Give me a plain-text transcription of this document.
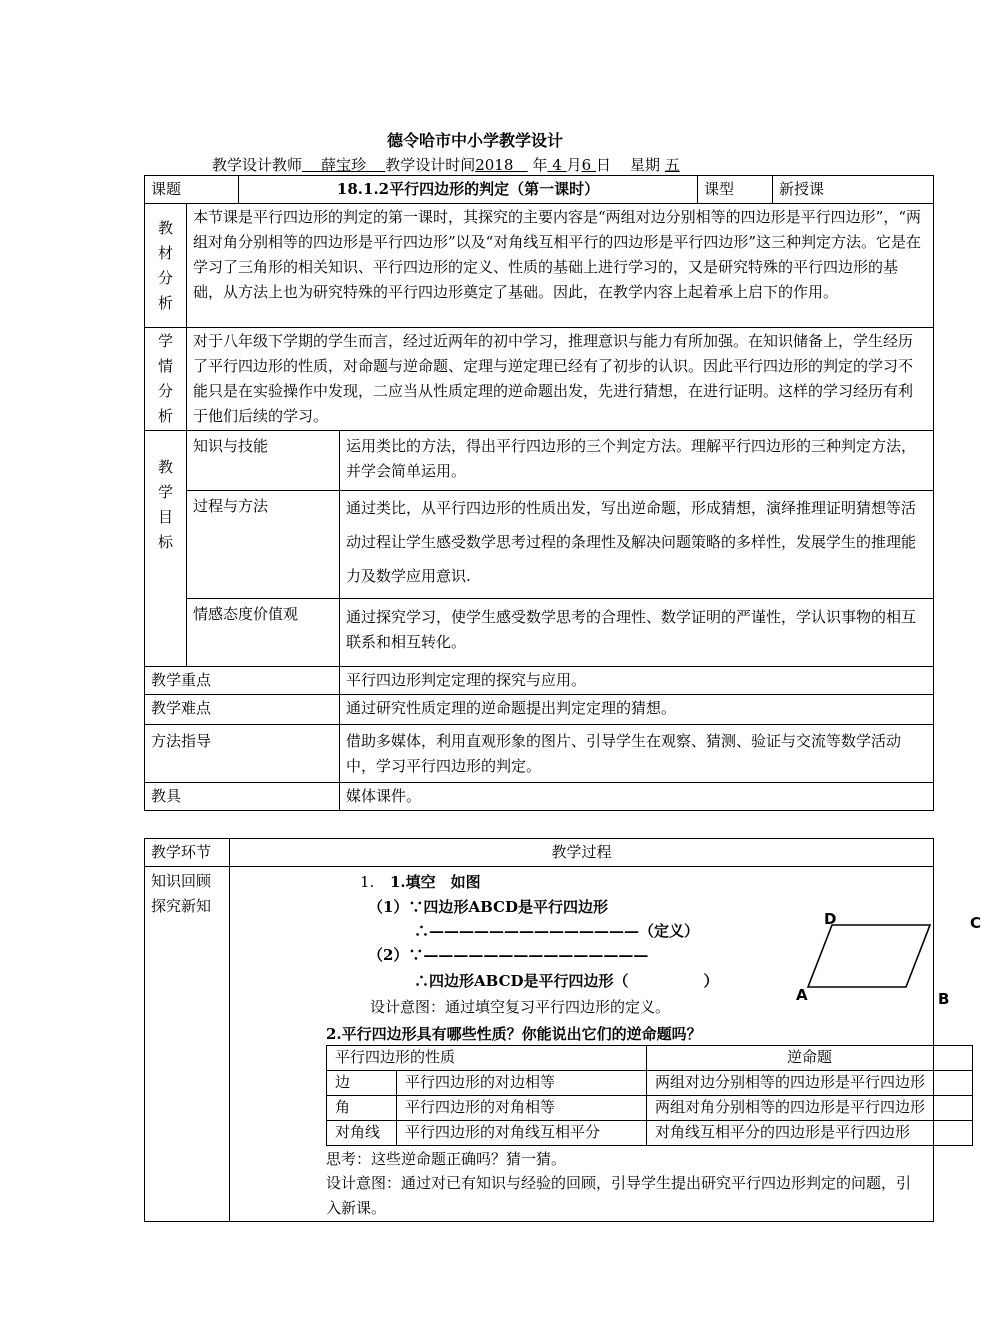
德令哈市中小学教学设计
教学设计教师 薛宝珍 教学设计时间2018 年 4 月6 日 星期 五
课题		18.1.2平行四边形的判定（第一课时）		课型	新授课

教
材
分
析	本节课是平行四边形的判定的第一课时，其探究的主要内容是“两组对边分别相等的四边形是平行四边形”，“两组对角分别相等的四边形是平行四边形”以及“对角线互相平行的四边形是平行四边形”这三种判定方法。它是在学习了三角形的相关知识、平行四边形的定义、性质的基础上进行学习的，又是研究特殊的平行四边形的基础，从方法上也为研究特殊的平行四边形奠定了基础。因此，在教学内容上起着承上启下的作用。				

学
情
分
析	对于八年级下学期的学生而言，经过近两年的初中学习，推理意识与能力有所加强。在知识储备上，学生经历了平行四边形的性质，对命题与逆命题、定理与逆定理已经有了初步的认识。因此平行四边形的判定的学习不能只是在实验操作中发现，二应当从性质定理的逆命题出发，先进行猜想，在进行证明。这样的学习经历有利于他们后续的学习。				

教
学
目
标	知识与技能		运用类比的方法，得出平行四边形的三个判定方法。理解平行四边形的三种判定方法，并学会简单运用。		
	过程与方法		通过类比，从平行四边形的性质出发，写出逆命题，形成猜想，演绎推理证明猜想等活动过程让学生感受数学思考过程的条理性及解决问题策略的多样性，发展学生的推理能力及数学应用意识.		
	情感态度价值观		通过探究学习，使学生感受数学思考的合理性、数学证明的严谨性，学认识事物的相互联系和相互转化。		
教学重点			平行四边形判定定理的探究与应用。		
教学难点			通过研究性质定理的逆命题提出判定定理的猜想。		
方法指导			借助多媒体，利用直观形象的图片、引导学生在观察、猜测、验证与交流等数学活动中，学习平行四边形的判定。		
教具			媒体课件。		
教学环节	教学过程

知识回顾
探究新知

1. 1.填空　如图
（1）∵四边形ABCD是平行四边形
∴——————————————（定义）
（2）∵———————————————
∴四边形ABCD是平行四边形（　　　　　）
设计意图：通过填空复习平行四边形的定义。
D	C
A	B
2.平行四边形具有哪些性质？你能说出它们的逆命题吗？
平行四边形的性质	逆命题
边	平行四边形的对边相等	两组对边分别相等的四边形是平行四边形
角	平行四边形的对角相等	两组对角分别相等的四边形是平行四边形
对角线	平行四边形的对角线互相平分	对角线互相平分的四边形是平行四边形
思考：这些逆命题正确吗？猜一猜。
设计意图：通过对已有知识与经验的回顾，引导学生提出研究平行四边形判定的问题，引入新课。
